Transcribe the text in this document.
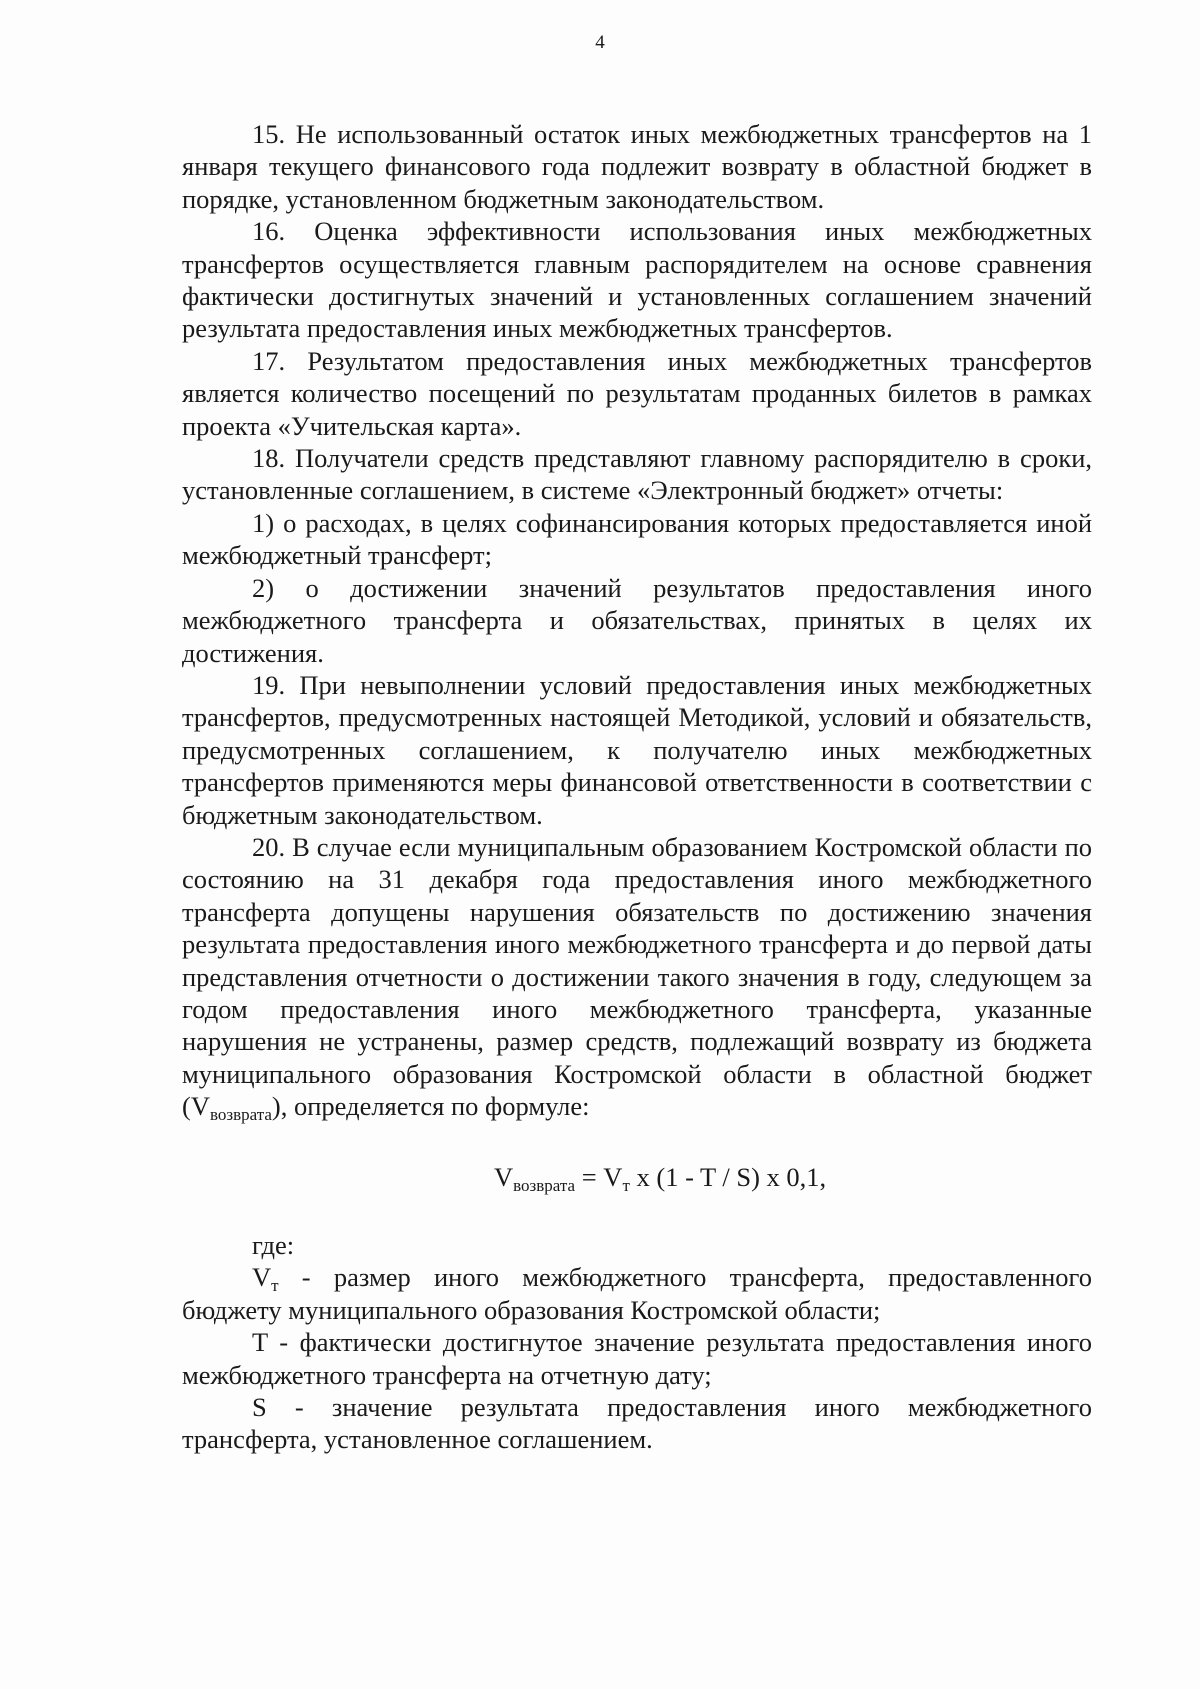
4

15. Не использованный остаток иных межбюджетных трансфертов на 1 января текущего финансового года подлежит возврату в областной бюджет в порядке, установленном бюджетным законодательством.

16. Оценка эффективности использования иных межбюджетных трансфертов осуществляется главным распорядителем на основе сравнения фактически достигнутых значений и установленных соглашением значений результата предоставления иных межбюджетных трансфертов.

17. Результатом предоставления иных межбюджетных трансфертов является количество посещений по результатам проданных билетов в рамках проекта «Учительская карта».

18. Получатели средств представляют главному распорядителю в сроки, установленные соглашением, в системе «Электронный бюджет» отчеты:

1) о расходах, в целях софинансирования которых предоставляется иной межбюджетный трансферт;

2) о достижении значений результатов предоставления иного межбюджетного трансферта и обязательствах, принятых в целях их достижения.

19. При невыполнении условий предоставления иных межбюджетных трансфертов, предусмотренных настоящей Методикой, условий и обязательств, предусмотренных соглашением, к получателю иных межбюджетных трансфертов применяются меры финансовой ответственности в соответствии с бюджетным законодательством.

20. В случае если муниципальным образованием Костромской области по состоянию на 31 декабря года предоставления иного межбюджетного трансферта допущены нарушения обязательств по достижению значения результата предоставления иного межбюджетного трансферта и до первой даты представления отчетности о достижении такого значения в году, следующем за годом предоставления иного межбюджетного трансферта, указанные нарушения не устранены, размер средств, подлежащий возврату из бюджета муниципального образования Костромской области в областной бюджет $(V_{возврата})$, определяется по формуле:

$V_{возврата} = V_т$ x (1 - T / S) x 0,1,

где:

$V_т$ - размер иного межбюджетного трансферта, предоставленного бюджету муниципального образования Костромской области;

T - фактически достигнутое значение результата предоставления иного межбюджетного трансферта на отчетную дату;

S - значение результата предоставления иного межбюджетного трансферта, установленное соглашением.
